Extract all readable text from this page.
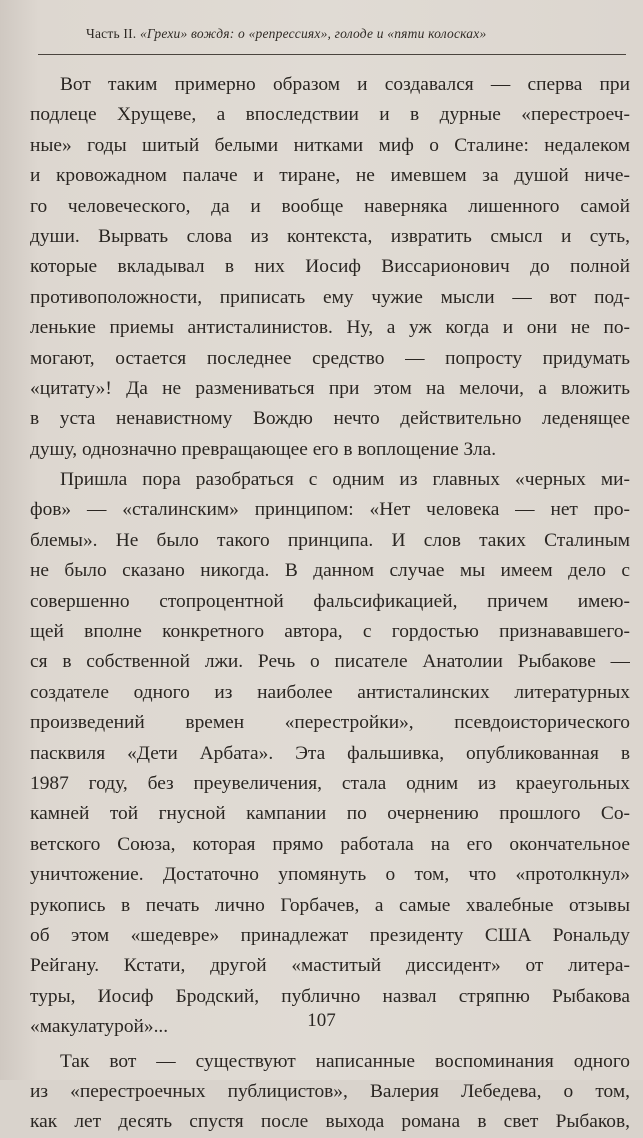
Часть II. «Грехи» вождя: о «репрессиях», голоде и «пяти колосках»
Вот таким примерно образом и создавался — сперва при
подлеце Хрущеве, а впоследствии и в дурные «перестроеч-
ные» годы шитый белыми нитками миф о Сталине: недалеком
и кровожадном палаче и тиране, не имевшем за душой ничe-
го человеческого, да и вообще наверняка лишенного самой
души. Вырвать слова из контекста, извратить смысл и суть,
которые вкладывал в них Иосиф Виссарионович до полной
противоположности, приписать ему чужие мысли — вот под-
ленькие приемы антисталинистов. Ну, а уж когда и они не по-
могают, остается последнее средство — попросту придумать
«цитату»! Да не размениваться при этом на мелочи, а вложить
в уста ненавистному Вождю нечто действительно леденящее
душу, однозначно превращающее его в воплощение Зла.
Пришла пора разобраться с одним из главных «черных ми-
фов» — «сталинским» принципом: «Нет человека — нет про-
блемы». Не было такого принципа. И слов таких Сталиным
не было сказано никогда. В данном случае мы имеем дело с
совершенно стопроцентной фальсификацией, причем имею-
щей вполне конкретного автора, с гордостью признававшего-
ся в собственной лжи. Речь о писателе Анатолии Рыбакове —
создателе одного из наиболее антисталинских литературных
произведений времен «перестройки», псевдоисторического
пасквиля «Дети Арбата». Эта фальшивка, опубликованная в
1987 году, без преувеличения, стала одним из краеугольных
камней той гнусной кампании по очернению прошлого Со-
ветского Союза, которая прямо работала на его окончательное
уничтожение. Достаточно упомянуть о том, что «протолкнул»
рукопись в печать лично Горбачев, а самые хвалебные отзывы
об этом «шедевре» принадлежат президенту США Рональду
Рейгану. Кстати, другой «маститый диссидент» от литера-
туры, Иосиф Бродский, публично назвал стряпню Рыбакова
«макулатурой»...
Так вот — существуют написанные воспоминания одного
из «перестроечных публицистов», Валерия Лебедева, о том,
как лет десять спустя после выхода романа в свет Рыбаков,
107
